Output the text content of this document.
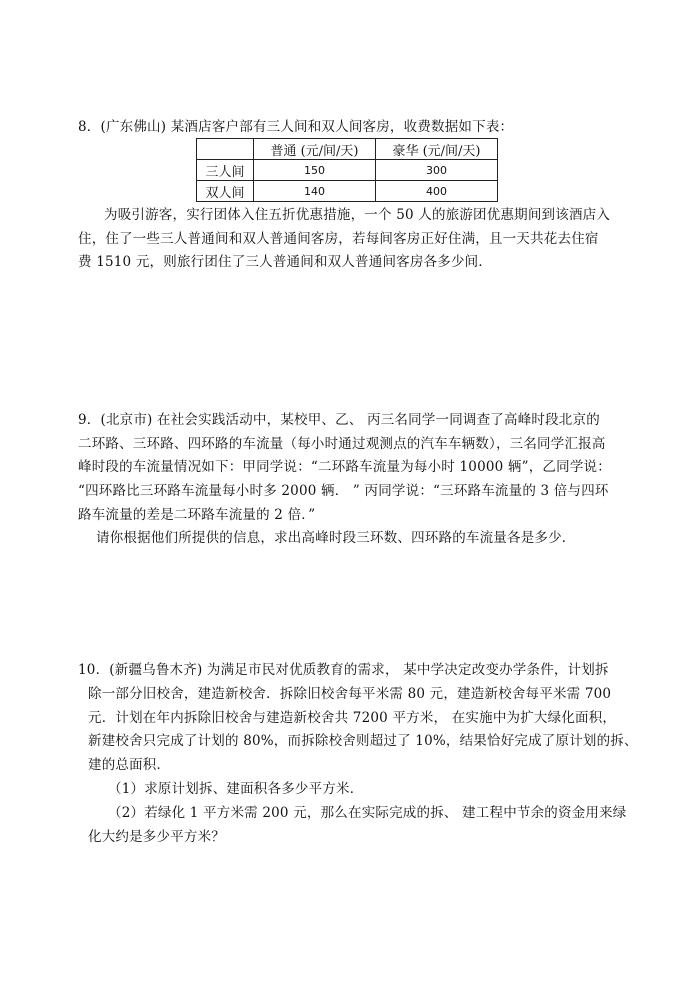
8．(广东佛山) 某酒店客户部有三人间和双人间客房，收费数据如下表：
	普通 (元/间/天)	豪华 (元/间/天)
三人间	150	300
双人间	140	400
为吸引游客，实行团体入住五折优惠措施，一个 50 人的旅游团优惠期间到该酒店入
住，住了一些三人普通间和双人普通间客房，若每间客房正好住满，且一天共花去住宿
费 1510 元，则旅行团住了三人普通间和双人普通间客房各多少间．
9．(北京市) 在社会实践活动中，某校甲、乙、 丙三名同学一同调查了高峰时段北京的
二环路、三环路、四环路的车流量（每小时通过观测点的汽车车辆数），三名同学汇报高
峰时段的车流量情况如下：甲同学说：“二环路车流量为每小时 10000 辆”，乙同学说：
“四环路比三环路车流量每小时多 2000 辆． ” 丙同学说：“三环路车流量的 3 倍与四环
路车流量的差是二环路车流量的 2 倍．”
请你根据他们所提供的信息，求出高峰时段三环数、四环路的车流量各是多少．
10．(新疆乌鲁木齐) 为满足市民对优质教育的需求， 某中学决定改变办学条件，计划拆
除一部分旧校舍，建造新校舍．拆除旧校舍每平米需 80 元，建造新校舍每平米需 700
元．计划在年内拆除旧校舍与建造新校舍共 7200 平方米， 在实施中为扩大绿化面积，
新建校舍只完成了计划的 80%，而拆除校舍则超过了 10%，结果恰好完成了原计划的拆、
建的总面积．
（1）求原计划拆、建面积各多少平方米．
（2）若绿化 1 平方米需 200 元，那么在实际完成的拆、 建工程中节余的资金用来绿
化大约是多少平方米？
